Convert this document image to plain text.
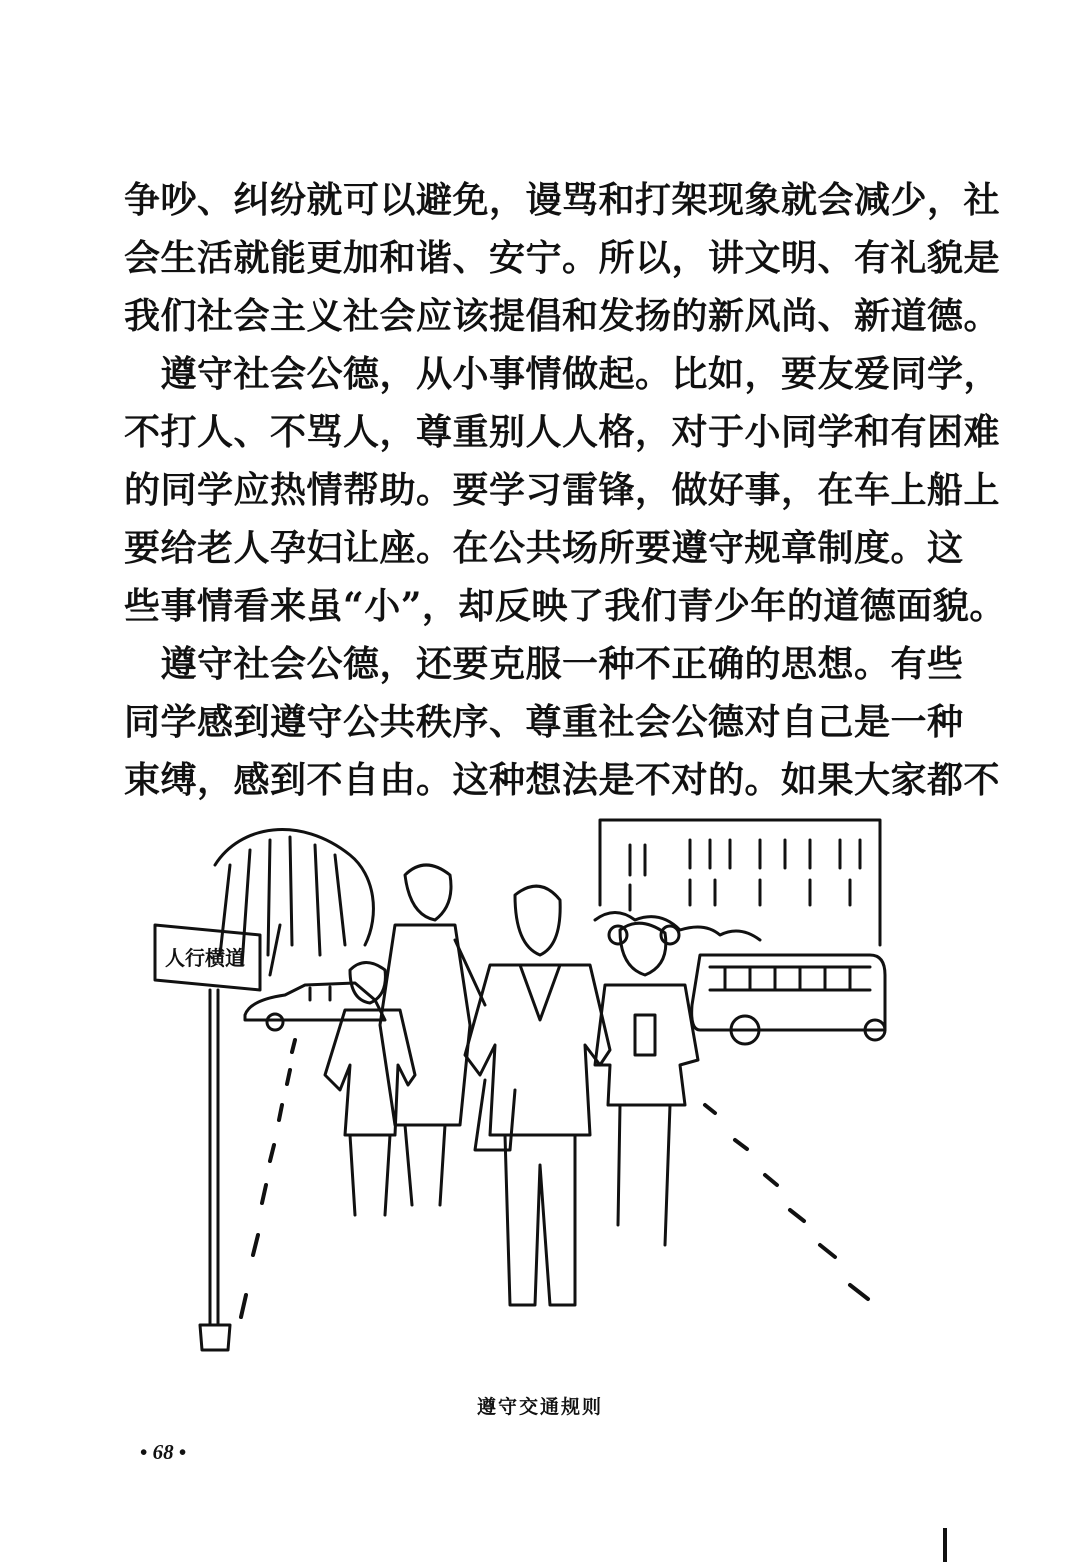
争吵、纠纷就可以避免，谩骂和打架现象就会减少，社
会生活就能更加和谐、安宁。所以，讲文明、有礼貌是
我们社会主义社会应该提倡和发扬的新风尚、新道德。
　遵守社会公德，从小事情做起。比如，要友爱同学，
不打人、不骂人，尊重别人人格，对于小同学和有困难
的同学应热情帮助。要学习雷锋，做好事，在车上船上
要给老人孕妇让座。在公共场所要遵守规章制度。这
些事情看来虽“小”，却反映了我们青少年的道德面貌。
　遵守社会公德，还要克服一种不正确的思想。有些
同学感到遵守公共秩序、尊重社会公德对自己是一种
束缚，感到不自由。这种想法是不对的。如果大家都不
人行横道
遵守交通规则
• 68 •
